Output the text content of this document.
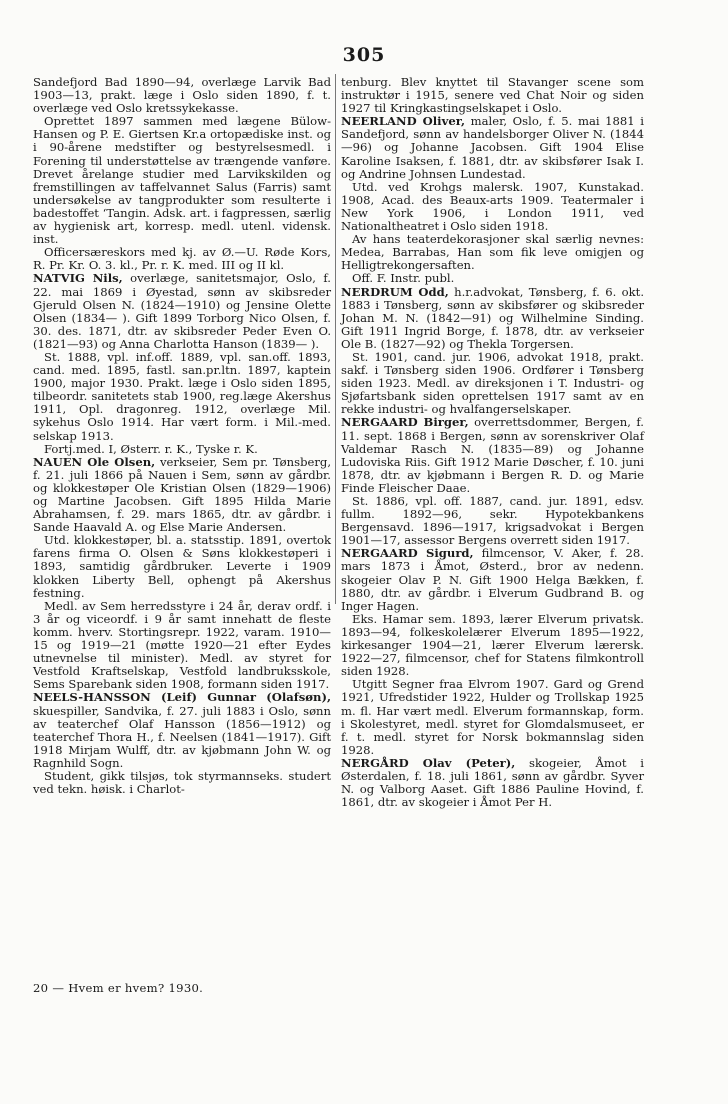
305

Sandefjord Bad 1890—94, overlæge Larvik Bad 1903—13, prakt. læge i Oslo siden 1890, f. t. overlæge ved Oslo kretssykekasse.

Oprettet 1897 sammen med lægene Bülow-Hansen og P. E. Giertsen Kr.a ortopædiske inst. og i 90-årene medstifter og bestyrelsesmedl. i Forening til understøttelse av trængende vanføre. Drevet årelange studier med Larvikskilden og fremstillingen av taffelvannet Salus (Farris) samt undersøkelse av tangprodukter som resulterte i badestoffet ‘Tangin. Adsk. art. i fagpressen, særlig av hygienisk art, korresp. medl. utenl. vidensk. inst.

Officersæreskors med kj. av Ø.—U. Røde Kors, R. Pr. Kr. O. 3. kl., Pr. r. K. med. III og II kl.

NATVIG Nils, overlæge, sanitetsmajor, Oslo, f. 22. mai 1869 i Øyestad, sønn av skibsreder Gjeruld Olsen N. (1824—1910) og Jensine Olette Olsen (1834— ). Gift 1899 Torborg Nico Olsen, f. 30. des. 1871, dtr. av skibsreder Peder Even O. (1821—93) og Anna Charlotta Hanson (1839— ).

St. 1888, vpl. inf.off. 1889, vpl. san.off. 1893, cand. med. 1895, fastl. san.pr.ltn. 1897, kaptein 1900, major 1930. Prakt. læge i Oslo siden 1895, tilbeordr. sanitetets stab 1900, reg.læge Akershus 1911, Opl. dragonreg. 1912, overlæge Mil. sykehus Oslo 1914. Har vært form. i Mil.-med. selskap 1913.

Fortj.med. I, Østerr. r. K., Tyske r. K.

NAUEN Ole Olsen, verkseier, Sem pr. Tønsberg, f. 21. juli 1866 på Nauen i Sem, sønn av gårdbr. og klokkestøper Ole Kristian Olsen (1829—1906) og Martine Jacobsen. Gift 1895 Hilda Marie Abrahamsen, f. 29. mars 1865, dtr. av gårdbr. i Sande Haavald A. og Else Marie Andersen.

Utd. klokkestøper, bl. a. statsstip. 1891, overtok farens firma O. Olsen & Søns klokkestøperi i 1893, samtidig gårdbruker. Leverte i 1909 klokken Liberty Bell, ophengt på Akershus festning.

Medl. av Sem herredsstyre i 24 år, derav ordf. i 3 år og viceordf. i 9 år samt innehatt de fleste komm. hverv. Stortingsrepr. 1922, varam. 1910—15 og 1919—21 (møtte 1920—21 efter Eydes utnevnelse til minister). Medl. av styret for Vestfold Kraftselskap, Vestfold landbruksskole, Sems Sparebank siden 1908, formann siden 1917.

NEELS-HANSSON (Leif) Gunnar (Olafsøn), skuespiller, Sandvika, f. 27. juli 1883 i Oslo, sønn av teaterchef Olaf Hansson (1856—1912) og teaterchef Thora H., f. Neelsen (1841—1917). Gift 1918 Mirjam Wulff, dtr. av kjøbmann John W. og Ragnhild Sogn.

Student, gikk tilsjøs, tok styrmannseks. studert ved tekn. høisk. i Charlot-

tenburg. Blev knyttet til Stavanger scene som instruktør i 1915, senere ved Chat Noir og siden 1927 til Kringkastingselskapet i Oslo.

NEERLAND Oliver, maler, Oslo, f. 5. mai 1881 i Sandefjord, sønn av handelsborger Oliver N. (1844—96) og Johanne Jacobsen. Gift 1904 Elise Karoline Isaksen, f. 1881, dtr. av skibsfører Isak I. og Andrine Johnsen Lundestad.

Utd. ved Krohgs malersk. 1907, Kunstakad. 1908, Acad. des Beaux-arts 1909. Teatermaler i New York 1906, i London 1911, ved Nationaltheatret i Oslo siden 1918.

Av hans teaterdekorasjoner skal særlig nevnes: Medea, Barrabas, Han som fik leve omigjen og Helligtrekongersaften.

Off. F. Instr. publ.

NERDRUM Odd, h.r.advokat, Tønsberg, f. 6. okt. 1883 i Tønsberg, sønn av skibsfører og skibsreder Johan M. N. (1842—91) og Wilhelmine Sinding. Gift 1911 Ingrid Borge, f. 1878, dtr. av verkseier Ole B. (1827—92) og Thekla Torgersen.

St. 1901, cand. jur. 1906, advokat 1918, prakt. sakf. i Tønsberg siden 1906. Ordfører i Tønsberg siden 1923. Medl. av direksjonen i T. Industri- og Sjøfartsbank siden oprettelsen 1917 samt av en rekke industri- og hvalfangerselskaper.

NERGAARD Birger, overrettsdommer, Bergen, f. 11. sept. 1868 i Bergen, sønn av sorenskriver Olaf Valdemar Rasch N. (1835—89) og Johanne Ludoviska Riis. Gift 1912 Marie Døscher, f. 10. juni 1878, dtr. av kjøbmann i Bergen R. D. og Marie Finde Fleischer Daae.

St. 1886, vpl. off. 1887, cand. jur. 1891, edsv. fullm. 1892—96, sekr. Hypotekbankens Bergensavd. 1896—1917, krigsadvokat i Bergen 1901—17, assessor Bergens overrett siden 1917.

NERGAARD Sigurd, filmcensor, V. Aker, f. 28. mars 1873 i Åmot, Østerd., bror av nedenn. skogeier Olav P. N. Gift 1900 Helga Bækken, f. 1880, dtr. av gårdbr. i Elverum Gudbrand B. og Inger Hagen.

Eks. Hamar sem. 1893, lærer Elverum privatsk. 1893—94, folkeskolelærer Elverum 1895—1922, kirkesanger 1904—21, lærer Elverum lærersk. 1922—27, filmcensor, chef for Statens filmkontroll siden 1928.

Utgitt Segner fraa Elvrom 1907. Gard og Grend 1921, Ufredstider 1922, Hulder og Trollskap 1925 m. fl. Har vært medl. Elverum formannskap, form. i Skolestyret, medl. styret for Glomdalsmuseet, er f. t. medl. styret for Norsk bokmannslag siden 1928.

NERGÅRD Olav (Peter), skogeier, Åmot i Østerdalen, f. 18. juli 1861, sønn av gårdbr. Syver N. og Valborg Aaset. Gift 1886 Pauline Hovind, f. 1861, dtr. av skogeier i Åmot Per H.

20 — Hvem er hvem? 1930.
